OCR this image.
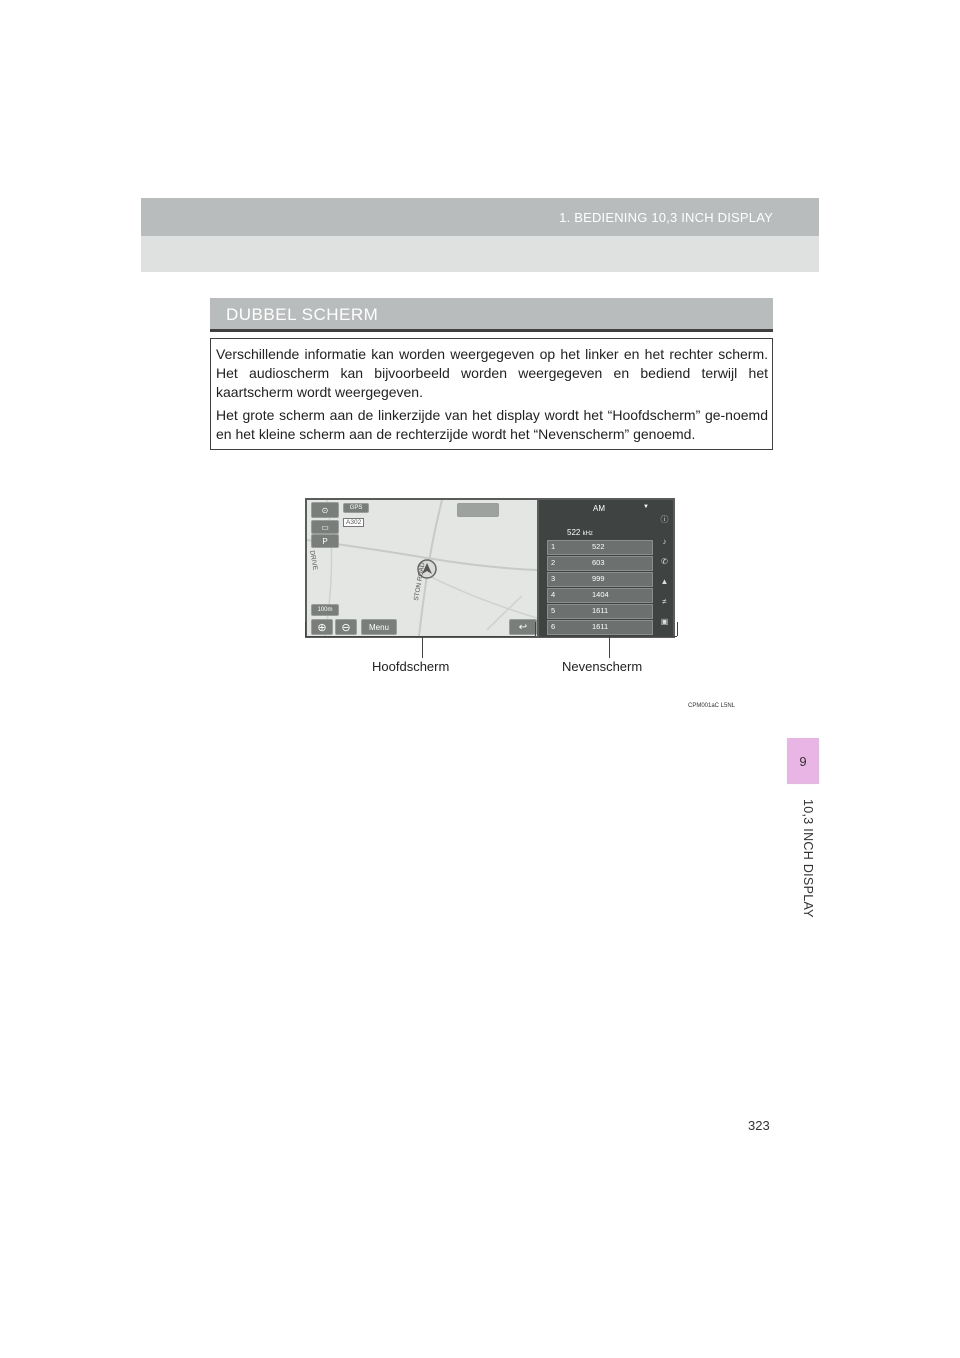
1. BEDIENING 10,3 INCH DISPLAY
9
10,3 INCH DISPLAY
DUBBEL SCHERM
Verschillende informatie kan worden weergegeven op het linker en het rechter scherm. Het audioscherm kan bijvoorbeeld worden weergegeven en bediend terwijl het kaartscherm wordt weergegeven.
Het grote scherm aan de linkerzijde van het display wordt het “Hoofdscherm” ge-noemd en het kleine scherm aan de rechterzijde wordt het “Nevenscherm” genoemd.
⊙
▭
P
GPS
A302
DRIVE
STON ROAD
100m
⊕	⊖	Menu	↩
AM	▼
522 kHz
1	522
2	603
3	999
4	1404
5	1611
6	1611
ⓘ
♪
✆
▲
≠
▣
Hoofdscherm	Nevenscherm
CPM001aC L5NL
323
